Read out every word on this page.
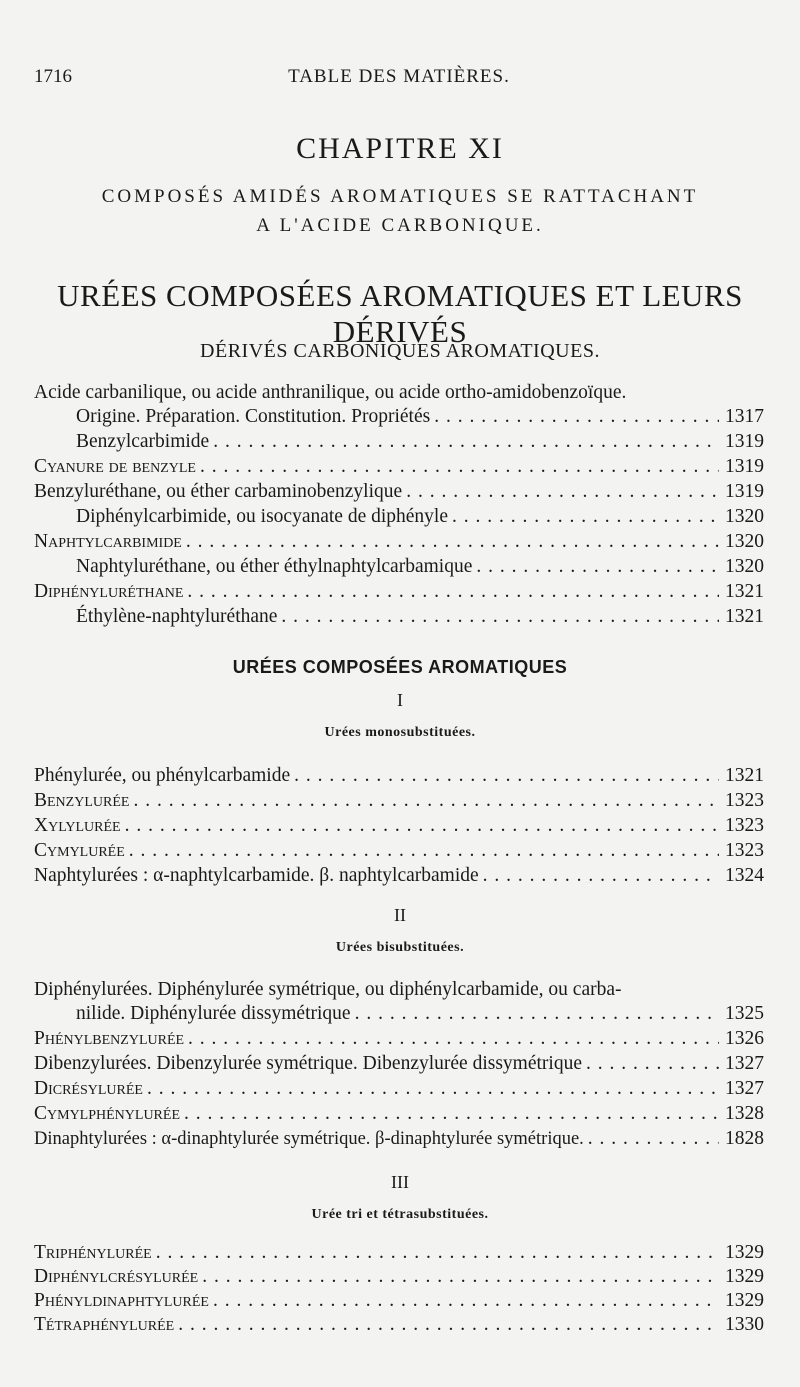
1716	TABLE DES MATIÈRES.
CHAPITRE XI
COMPOSÉS AMIDÉS AROMATIQUES SE RATTACHANT
A L'ACIDE CARBONIQUE.
URÉES COMPOSÉES AROMATIQUES ET LEURS DÉRIVÉS
DÉRIVÉS CARBONIQUES AROMATIQUES.
Acide carbanilique, ou acide anthranilique, ou acide ortho-amidobenzoïque.
Origine. Préparation. Constitution. Propriétés . . .	1317
Benzylcarbimide . . .	1319
Cyanure de benzyle . . .	1319
Benzyluréthane, ou éther carbaminobenzylique . . .	1319
Diphénylcarbimide, ou isocyanate de diphényle . . .	1320
Naphtylcarbimide . . .	1320
Naphtyluréthane, ou éther éthylnaphtylcarbamique . . .	1320
Diphényluréthane . . .	1321
Éthylène-naphtyluréthane . . .	1321
URÉES COMPOSÉES AROMATIQUES
I
Urées monosubstituées.
Phénylurée, ou phénylcarbamide . . .	1321
Benzylurée . . .	1323
Xylylurée . . .	1323
Cymylurée . . .	1323
Naphtylurées : α-naphtylcarbamide. β. naphtylcarbamide . . .	1324
II
Urées bisubstituées.
Diphénylurées. Diphénylurée symétrique, ou diphénylcarbamide, ou carba-
nilide. Diphénylurée dissymétrique . . .	1325
Phénylbenzylurée . . .	1326
Dibenzylurées. Dibenzylurée symétrique. Dibenzylurée dissymétrique . . .	1327
Dicrésylurée . . .	1327
Cymylphénylurée . . .	1328
Dinaphtylurées : α-dinaphtylurée symétrique. β-dinaphtylurée symétrique. . . .	1828
III
Urée tri et tétrasubstituées.
Triphénylurée . . .	1329
Diphénylcrésylurée . . .	1329
Phényldinaphtylurée . . .	1329
Tétraphénylurée . . .	1330
